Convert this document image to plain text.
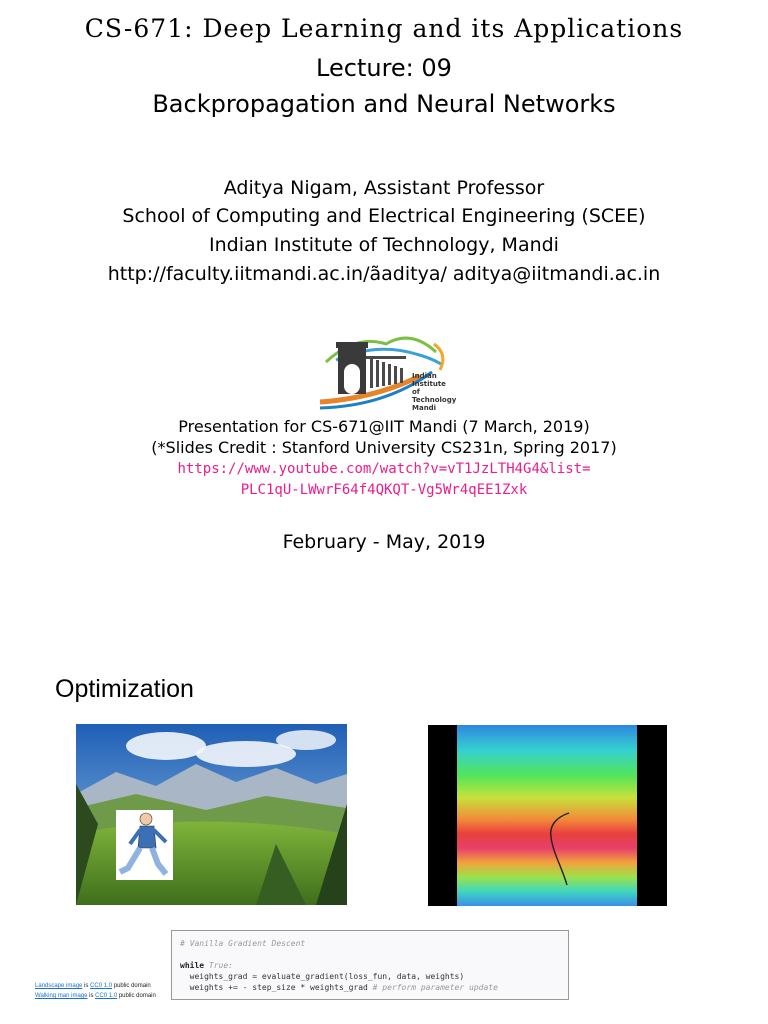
CS-671: Deep Learning and its Applications
Lecture: 09
Backpropagation and Neural Networks
Aditya Nigam, Assistant Professor
School of Computing and Electrical Engineering (SCEE)
Indian Institute of Technology, Mandi
http://faculty.iitmandi.ac.in/ãaditya/ aditya@iitmandi.ac.in
Indian
Institute of
Technology
Mandi
Presentation for CS-671@IIT Mandi (7 March, 2019)
(*Slides Credit : Stanford University CS231n, Spring 2017)
https://www.youtube.com/watch?v=vT1JzLTH4G4&list=
PLC1qU-LWwrF64f4QKQT-Vg5Wr4qEE1Zxk
February - May, 2019
Optimization
# Vanilla Gradient Descent
while True:
weights_grad = evaluate_gradient(loss_fun, data, weights)
weights += - step_size * weights_grad # perform parameter update
Landscape image is CC0 1.0 public domain
Walking man image is CC0 1.0 public domain
